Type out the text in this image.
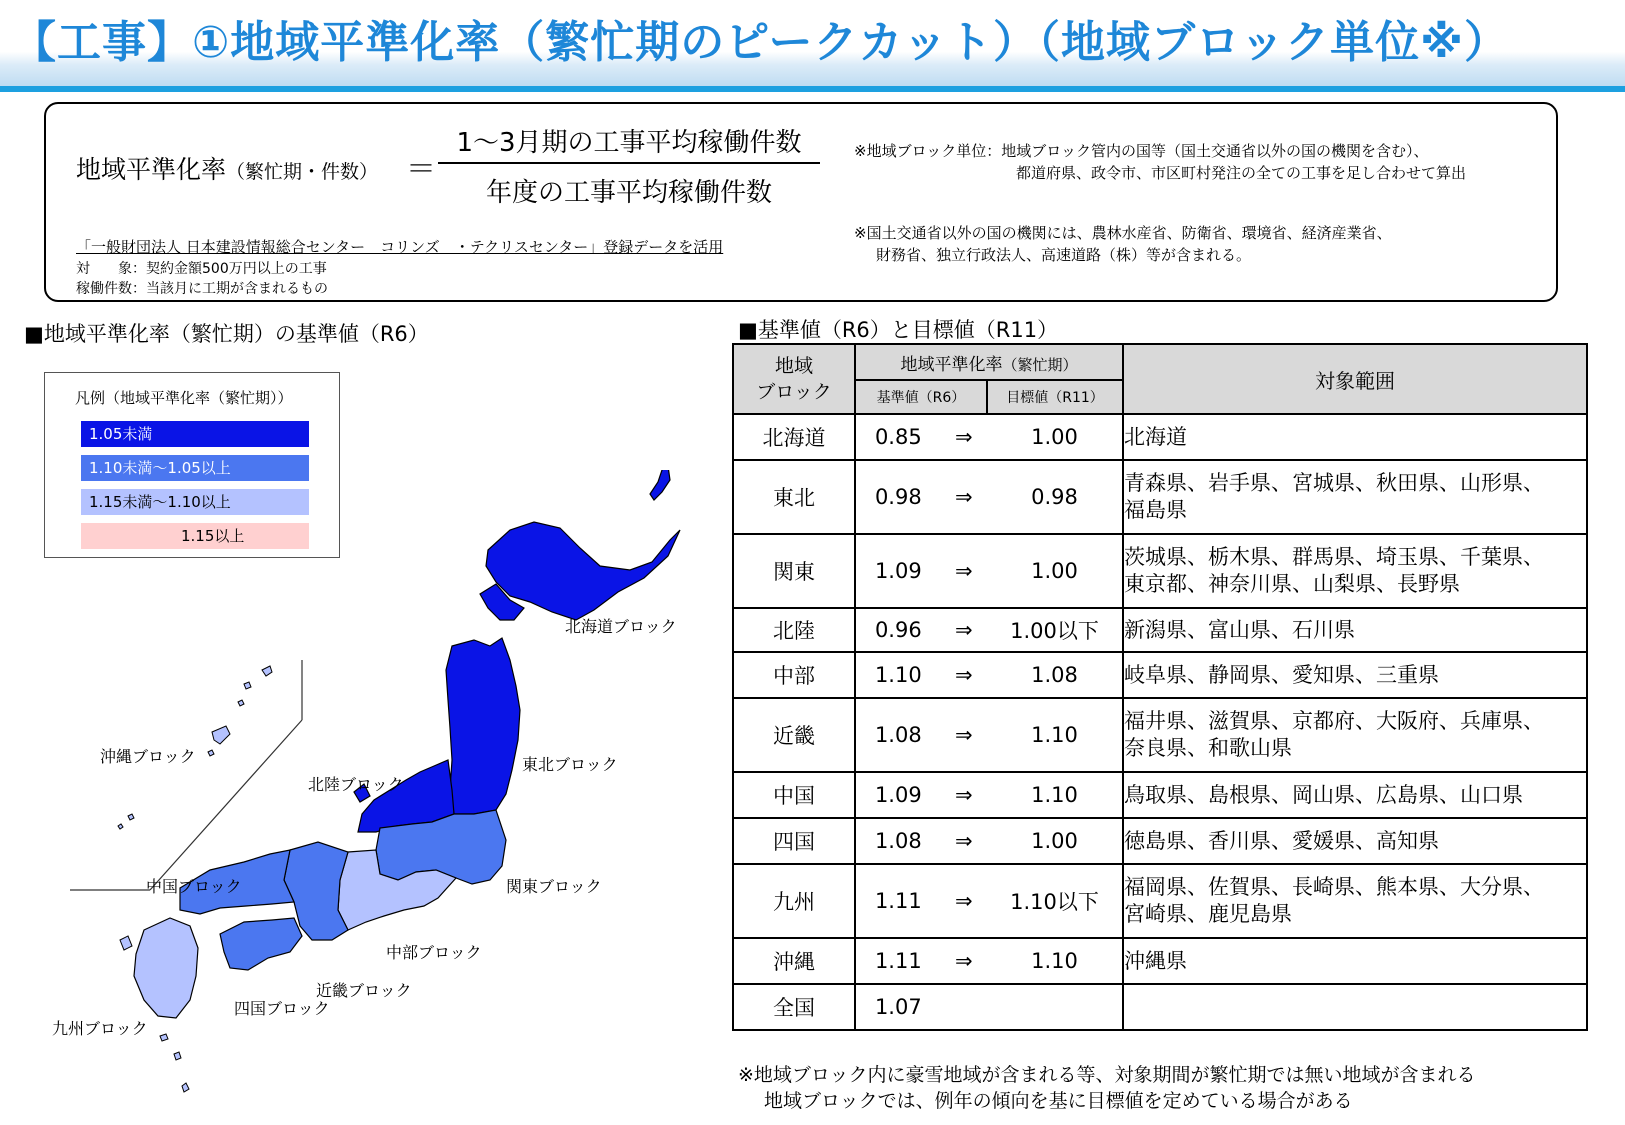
【工事】①地域平準化率（繁忙期のピークカット）（地域ブロック単位※）
地域平準化率（繁忙期・件数） ＝
1～3月期の工事平均稼働件数
年度の工事平均稼働件数
「一般財団法人 日本建設情報総合センター　コリンズ　・テクリスセンター」登録データを活用
対　　象：契約金額500万円以上の工事
稼働件数：当該月に工期が含まれるもの
※地域ブロック単位：地域ブロック管内の国等（国土交通省以外の国の機関を含む）、
都道府県、政令市、市区町村発注の全ての工事を足し合わせて算出
※国土交通省以外の国の機関には、農林水産省、防衛省、環境省、経済産業省、
財務省、独立行政法人、高速道路（株）等が含まれる。
■地域平準化率（繁忙期）の基準値（R6）	■基準値（R6）と目標値（R11）
北海道ブロック
東北ブロック
沖縄ブロック
北陸ブロック
中国ブロック	関東ブロック
中部ブロック
近畿ブロック
四国ブロック
九州ブロック
凡例（地域平準化率（繁忙期））
1.05未満
1.10未満～1.05以上
1.15未満～1.10以上
1.15以上
地域
ブロック	地域平準化率（繁忙期）			対象範囲
	基準値（R6）		目標値（R11）	
北海道	0.85	⇒	1.00	北海道
東北	0.98	⇒	0.98	青森県、岩手県、宮城県、秋田県、山形県、
福島県
関東	1.09	⇒	1.00	茨城県、栃木県、群馬県、埼玉県、千葉県、
東京都、神奈川県、山梨県、長野県
北陸	0.96	⇒	1.00以下	新潟県、富山県、石川県
中部	1.10	⇒	1.08	岐阜県、静岡県、愛知県、三重県
近畿	1.08	⇒	1.10	福井県、滋賀県、京都府、大阪府、兵庫県、
奈良県、和歌山県
中国	1.09	⇒	1.10	鳥取県、島根県、岡山県、広島県、山口県
四国	1.08	⇒	1.00	徳島県、香川県、愛媛県、高知県
九州	1.11	⇒	1.10以下	福岡県、佐賀県、長崎県、熊本県、大分県、
宮崎県、鹿児島県
沖縄	1.11	⇒	1.10	沖縄県
全国	1.07			
※地域ブロック内に豪雪地域が含まれる等、対象期間が繁忙期では無い地域が含まれる
地域ブロックでは、例年の傾向を基に目標値を定めている場合がある
